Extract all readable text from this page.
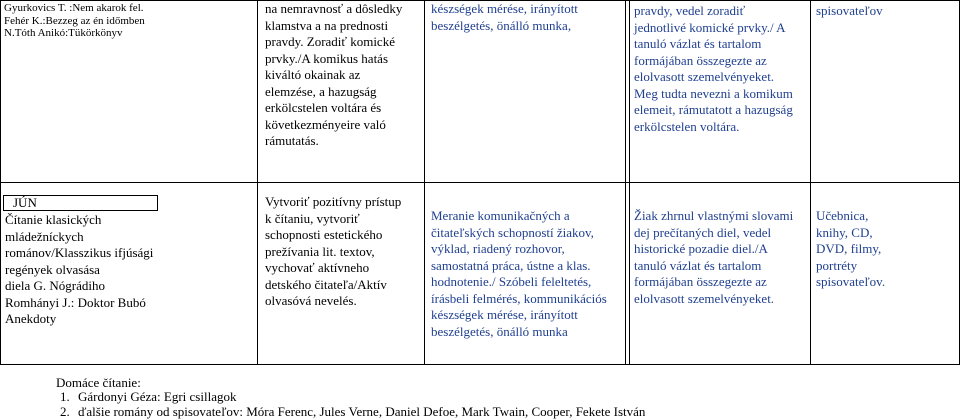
Gyurkovics T. :Nem akarok fel.
Fehér K.:Bezzeg az én időmben
N.Tóth Anikó:Tükörkönyv
na nemravnosť a dôsledky
klamstva a na prednosti
pravdy. Zoradiť komické
prvky./A komikus hatás
kiváltó okainak az
elemzése, a hazugság
erkölcstelen voltára és
következményeire való
rámutatás.
készségek mérése, irányított
beszélgetés, önálló munka,
pravdy, vedel zoradiť
jednotlivé komické prvky./ A
tanuló vázlat és tartalom
formájában összegezte az
elolvasott szemelvényeket.
Meg tudta nevezni a komikum
elemeit, rámutatott a hazugság
erkölcstelen voltára.
spisovateľov
JÚN
Čítanie klasických
mládežníckych
románov/Klasszikus ifjúsági
regények olvasása
diela G. Nógrádiho
Romhányi J.: Doktor Bubó
Anekdoty
Vytvoriť pozitívny prístup
k čítaniu, vytvoriť
schopnosti estetického
prežívania lit. textov,
vychovať aktívneho
detského čitateľa/Aktív
olvasóvá nevelés.
Meranie komunikačných a
čitateľských schopností žiakov,
výklad, riadený rozhovor,
samostatná práca, ústne a klas.
hodnotenie./ Szóbeli feleltetés,
írásbeli felmérés, kommunikációs
készségek mérése, irányított
beszélgetés, önálló munka
Žiak zhrnul vlastnými slovami
dej prečítaných diel, vedel
historické pozadie diel./A
tanuló vázlat és tartalom
formájában összegezte az
elolvasott szemelvényeket.
Učebnica,
knihy, CD,
DVD, filmy,
portréty
spisovateľov.
Domáce čítanie:
1. Gárdonyi Géza: Egri csillagok
2. ďalšie romány od spisovateľov: Móra Ferenc, Jules Verne, Daniel Defoe, Mark Twain, Cooper, Fekete István
